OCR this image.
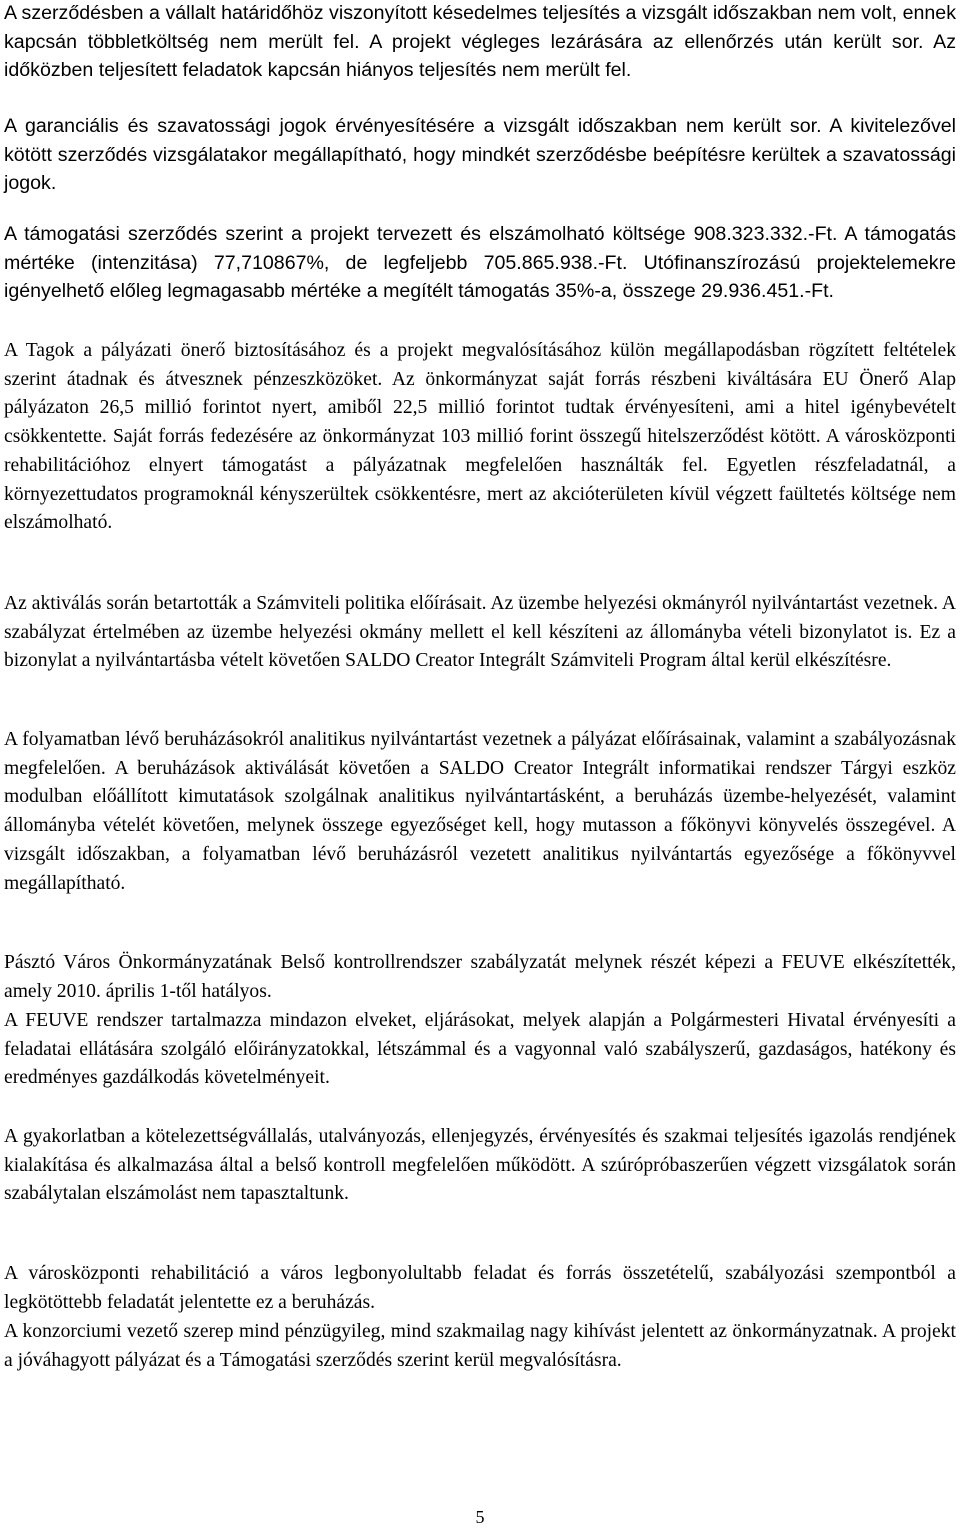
A szerződésben a vállalt határidőhöz viszonyított késedelmes teljesítés a vizsgált időszakban nem volt, ennek kapcsán többletköltség nem merült fel. A projekt végleges lezárására az ellenőrzés után került sor. Az időközben teljesített feladatok kapcsán hiányos teljesítés nem merült fel.

A garanciális és szavatossági jogok érvényesítésére a vizsgált időszakban nem került sor. A kivitelezővel kötött szerződés vizsgálatakor megállapítható, hogy mindkét szerződésbe beépítésre kerültek a szavatossági jogok.

A támogatási szerződés szerint a projekt tervezett és elszámolható költsége 908.323.332.-Ft. A támogatás mértéke (intenzitása) 77,710867%, de legfeljebb 705.865.938.-Ft. Utófinanszírozású projektelemekre igényelhető előleg legmagasabb mértéke a megítélt támogatás 35%-a, összege 29.936.451.-Ft.

A Tagok a pályázati önerő biztosításához és a projekt megvalósításához külön megállapodásban rögzített feltételek szerint átadnak és átvesznek pénzeszközöket. Az önkormányzat saját forrás részbeni kiváltására EU Önerő Alap pályázaton 26,5 millió forintot nyert, amiből 22,5 millió forintot tudtak érvényesíteni, ami a hitel igénybevételt csökkentette. Saját forrás fedezésére az önkormányzat 103 millió forint összegű hitelszerződést kötött. A városközponti rehabilitációhoz elnyert támogatást a pályázatnak megfelelően használták fel. Egyetlen részfeladatnál, a környezettudatos programoknál kényszerültek csökkentésre, mert az akcióterületen kívül végzett faültetés költsége nem elszámolható.

Az aktiválás során betartották a Számviteli politika előírásait. Az üzembe helyezési okmányról nyilvántartást vezetnek. A szabályzat értelmében az üzembe helyezési okmány mellett el kell készíteni az állományba vételi bizonylatot is. Ez a bizonylat a nyilvántartásba vételt követően SALDO Creator Integrált Számviteli Program által kerül elkészítésre.

A folyamatban lévő beruházásokról analitikus nyilvántartást vezetnek a pályázat előírásainak, valamint a szabályozásnak megfelelően. A beruházások aktiválását követően a SALDO Creator Integrált informatikai rendszer Tárgyi eszköz modulban előállított kimutatások szolgálnak analitikus nyilvántartásként, a beruházás üzembe-helyezését, valamint állományba vételét követően, melynek összege egyezőséget kell, hogy mutasson a főkönyvi könyvelés összegével. A vizsgált időszakban, a folyamatban lévő beruházásról vezetett analitikus nyilvántartás egyezősége a főkönyvvel megállapítható.

Pásztó Város Önkormányzatának Belső kontrollrendszer szabályzatát melynek részét képezi a FEUVE elkészítették, amely 2010. április 1-től hatályos.

A FEUVE rendszer tartalmazza mindazon elveket, eljárásokat, melyek alapján a Polgármesteri Hivatal érvényesíti a feladatai ellátására szolgáló előirányzatokkal, létszámmal és a vagyonnal való szabályszerű, gazdaságos, hatékony és eredményes gazdálkodás követelményeit.

A gyakorlatban a kötelezettségvállalás, utalványozás, ellenjegyzés, érvényesítés és szakmai teljesítés igazolás rendjének kialakítása és alkalmazása által a belső kontroll megfelelően működött. A szúrópróbaszerűen végzett vizsgálatok során szabálytalan elszámolást nem tapasztaltunk.

A városközponti rehabilitáció a város legbonyolultabb feladat és forrás összetételű, szabályozási szempontból a legkötöttebb feladatát jelentette ez a beruházás.

A konzorciumi vezető szerep mind pénzügyileg, mind szakmailag nagy kihívást jelentett az önkormányzatnak. A projekt a jóváhagyott pályázat és a Támogatási szerződés szerint kerül megvalósításra.

5
